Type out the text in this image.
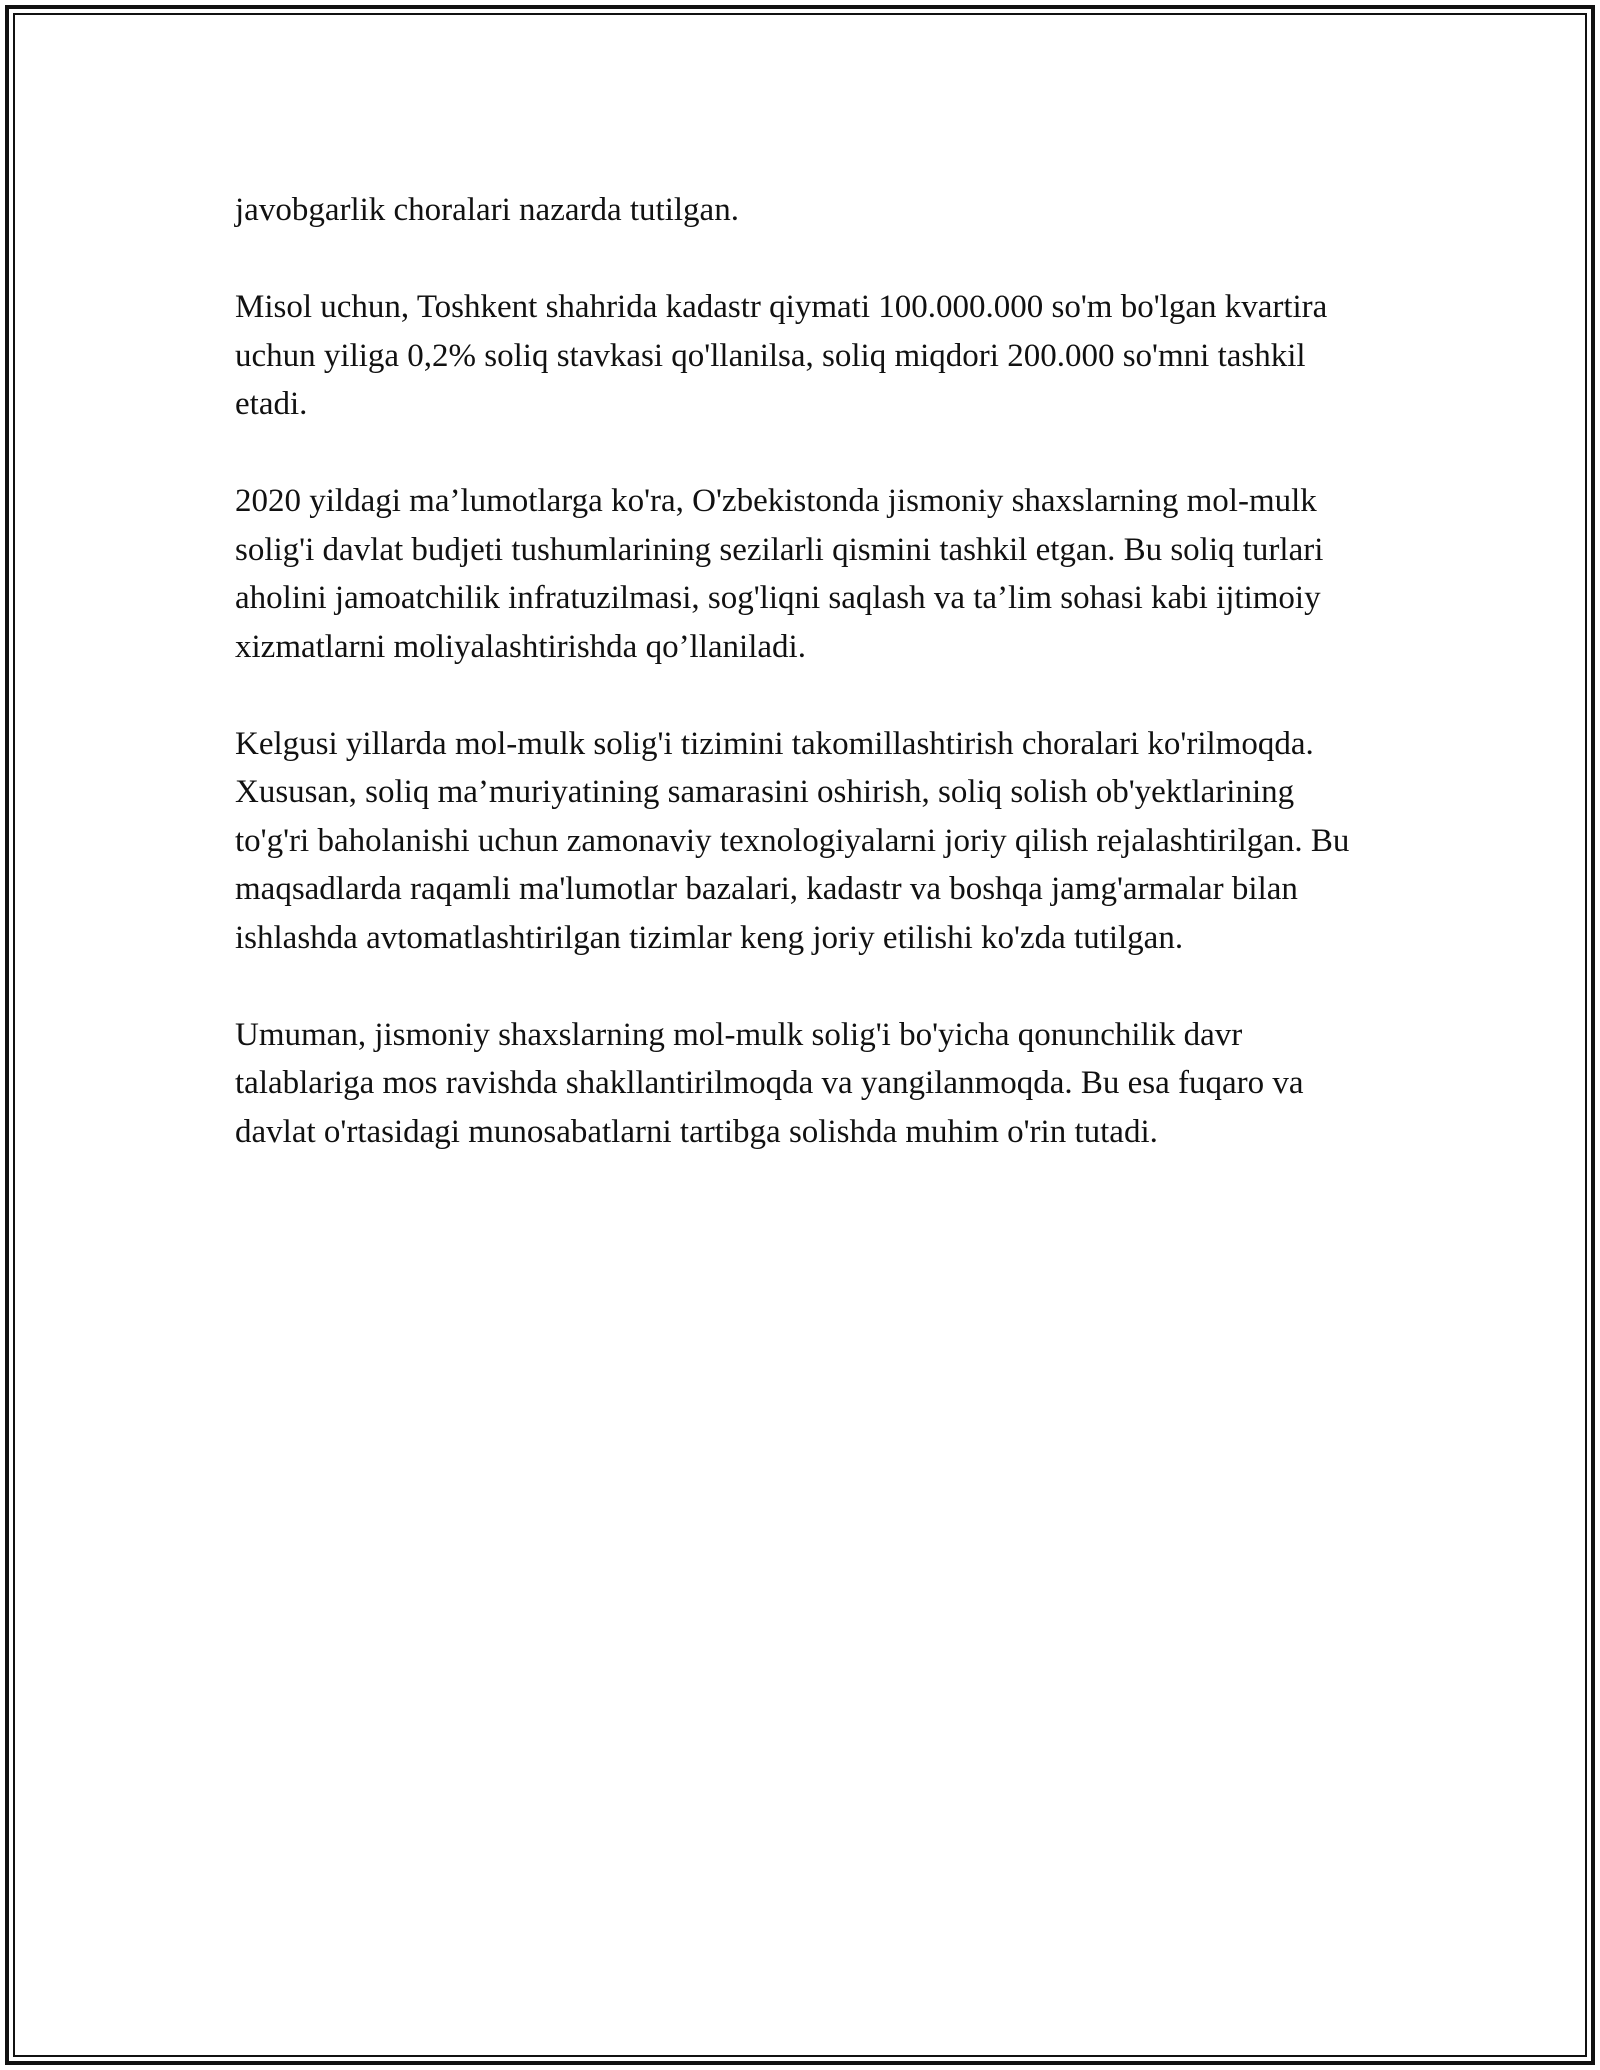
javobgarlik choralari nazarda tutilgan.

Misol uchun, Toshkent shahrida kadastr qiymati 100.000.000 so'm bo'lgan kvartira uchun yiliga 0,2% soliq stavkasi qo'llanilsa, soliq miqdori 200.000 so'mni tashkil etadi.

2020 yildagi ma’lumotlarga ko'ra, O'zbekistonda jismoniy shaxslarning mol-mulk solig'i davlat budjeti tushumlarining sezilarli qismini tashkil etgan. Bu soliq turlari aholini jamoatchilik infratuzilmasi, sog'liqni saqlash va ta’lim sohasi kabi ijtimoiy xizmatlarni moliyalashtirishda qo’llaniladi.

Kelgusi yillarda mol-mulk solig'i tizimini takomillashtirish choralari ko'rilmoqda. Xususan, soliq ma’muriyatining samarasini oshirish, soliq solish ob'yektlarining to'g'ri baholanishi uchun zamonaviy texnologiyalarni joriy qilish rejalashtirilgan. Bu maqsadlarda raqamli ma'lumotlar bazalari, kadastr va boshqa jamg'armalar bilan ishlashda avtomatlashtirilgan tizimlar keng joriy etilishi ko'zda tutilgan.

Umuman, jismoniy shaxslarning mol-mulk solig'i bo'yicha qonunchilik davr talablariga mos ravishda shakllantirilmoqda va yangilanmoqda. Bu esa fuqaro va davlat o'rtasidagi munosabatlarni tartibga solishda muhim o'rin tutadi.
